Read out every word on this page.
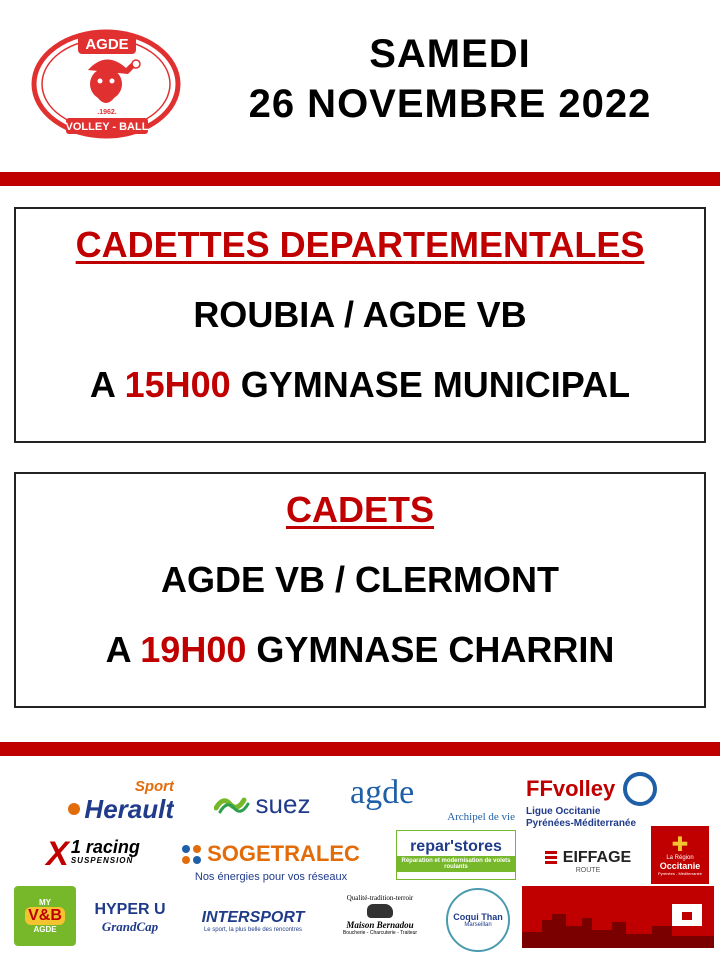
AGDE
.1962.
VOLLEY - BALL
SAMEDI
26 NOVEMBRE 2022
CADETTES DEPARTEMENTALES
ROUBIA / AGDE VB
A 15H00 GYMNASE MUNICIPAL
CADETS
AGDE VB / CLERMONT
A 19H00 GYMNASE CHARRIN
Sport
Herault	suez agde
Archipel de vie
FFvolley
Ligue Occitanie
Pyrénées-Méditerranée
X 1 racing
SUSPENSION	SOGETRALEC
Nos énergies pour vos réseaux
repar'stores
Réparation et modernisation de volets roulants
EIFFAGE
ROUTE
✚
La Région
Occitanie
Pyrénées - Méditerranée
MY
V&B
AGDE
HYPER U
GrandCap
INTERSPORT
Le sport, la plus belle des rencontres
Qualité-tradition-terroir
Maison Bernadou
Boucherie - Charcuterie - Traiteur
Coqui Than
Marseillan
